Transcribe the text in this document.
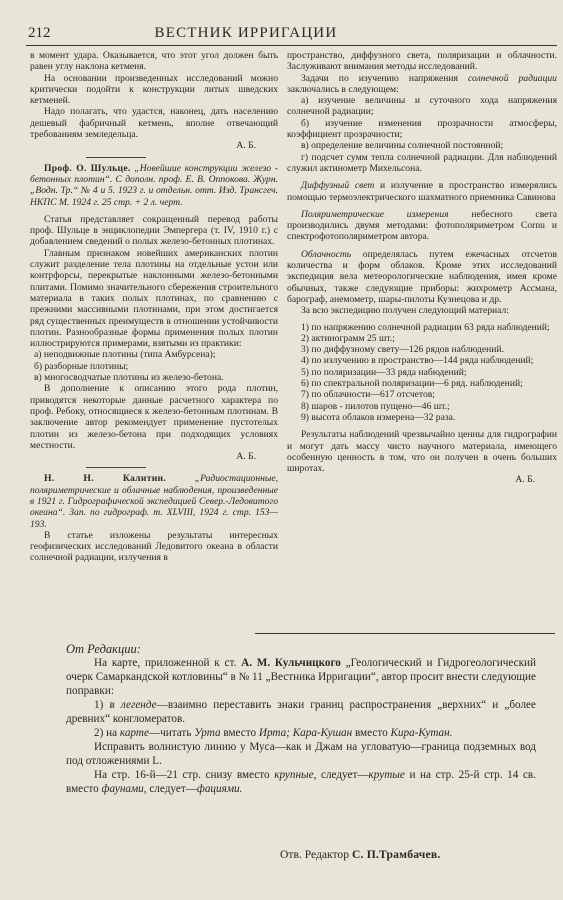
212	ВЕСТНИК ИРРИГАЦИИ

в момент удара. Оказывается, что этот угол должен быть равен углу наклона кетменя.

На основании произведенных исследований можно критически подойти к конструкции литых шведских кетменей.

Надо полагать, что удастся, наконец, дать населению дешевый фабричный кетмень, вполне отвечающий требованиям земледельца.

А. Б.

Проф. О. Шульце. „Новейшие конструкции железо - бетонных плотин“. С дополн. проф. Е. В. Оппокова. Журн. „Водн. Тр.“ № 4 и 5. 1923 г. и отдельн. отт. Изд. Трансгеч. НКПС М. 1924 г. 25 стр. + 2 л. черт.

Статья представляет сокращенный перевод работы проф. Шульце в энциклопедии Эмпергера (т. IV, 1910 г.) с добавлением сведений о полых железо-бетонных плотинах.

Главным признаком новейших американских плотин служит разделение тела плотины на отдельные устои или контрфорсы, перекрытые наклонными железо-бетонными плитами. Помимо значительного сбережения строительного материала в таких полых плотинах, по сравнению с прежними массивными плотинами, при этом достигается ряд существенных преимуществ в отношении устойчивости плотин. Разнообразные формы применения полых плотин иллюстрируются примерами, взятыми из практики:

а) неподвижные плотины (типа Амбурсена);

б) разборные плотины;

в) многосводчатые плотины из железо-бетона.

В дополнение к описанию этого рода плотин, приводятся некоторые данные расчетного характера по проф. Ребоку, относящиеся к железо-бетонным плотинам. В заключение автор рекомендует применение пустотелых плотин из железо-бетона при подходящих условиях местности.

А. Б.

Н. Н. Калитин.	„Радиостационные, поляриметрические и облачные наблюдения, произведенные в 1921 г. Гидрографической экспедицией Север.-Ледовитого океана“. Зап. по гидрограф. т. XLVIII, 1924 г. стр. 153—193.

В статье изложены результаты интересных геофизических исследований Ледовитого океана в области солнечной радиации, излучения в

пространство, диффузного света, поляризации и облачности. Заслуживают внимания методы исследований.

Задачи по изучению напряжения солнечной радиации заключались в следующем:

а) изучение величины и суточного хода напряжения солнечной радиации;

б) изучение изменения прозрачности атмосферы, коэффициент прозрачности;

в) определение величины солнечной постоянной;

г) подсчет сумм тепла солнечной радиации. Для наблюдений служил актинометр Михельсона.

Диффузный свет и излучение в пространство измерялись помощью термоэлектрического шахматного приемника Савинова

Поляриметрические измерения небесного света производились двумя методами: фотополяриметром Cornu и спектрофотополяриметром автора.

Облачность определялась путем ежечасных отсчетов количества и форм облаков. Кроме этих исследований экспедиция вела метеорологические наблюдения, имея кроме обычных, также следующие приборы: жихрометр Ассмана, барограф, анемометр, шары-пилоты Кузнецова и др.

За всю экспедицию получен следующий материал:

1) по напряжению солнечной радиации 63 ряда наблюдений;

2) актинограмм 25 шт.;

3) по диффузному свету—126 рядов наблюдений.

4) по излучению в пространство—144 ряда наблюдений;

5) по поляризации—33 ряда набюдений;

6) по спектральной поляризации—6 ряд. наблюдений;

7) по облачности—617 отсчетов;

8) шаров - пилотов пущено—46 шт.;

9) высота облаков измерена—32 раза.

Результаты наблюдений чрезвычайно ценны для гидрографии и могут дать массу чисто научного материала, имеющего особенную ценность в том, что он получен в очень больших широтах.

А. Б.

От Редакции:

На карте, приложенной к ст. А. М. Кульчицкого „Геологический и Гидрогеологический очерк Самаркандской котловины“ в № 11 „Вестника Ирригации“, автор просит внести следующие поправки:

1) в легенде—взаимно переставить знаки границ распространения „верхних“ и „более древних“ конгломератов.

2) на карте—читать Урта вместо Ирта; Кара-Кушан вместо Кира-Кутан.

Исправить волнистую линию у Муса—как и Джам на угловатую—граница подземных вод под отложениями L.

На стр. 16-й—21 стр. снизу вместо крупные, следует—крутые и на стр. 25-й стр. 14 св. вместо фаунами, следует—фациями.

Отв. Редактор С. П.Трамбачев.
